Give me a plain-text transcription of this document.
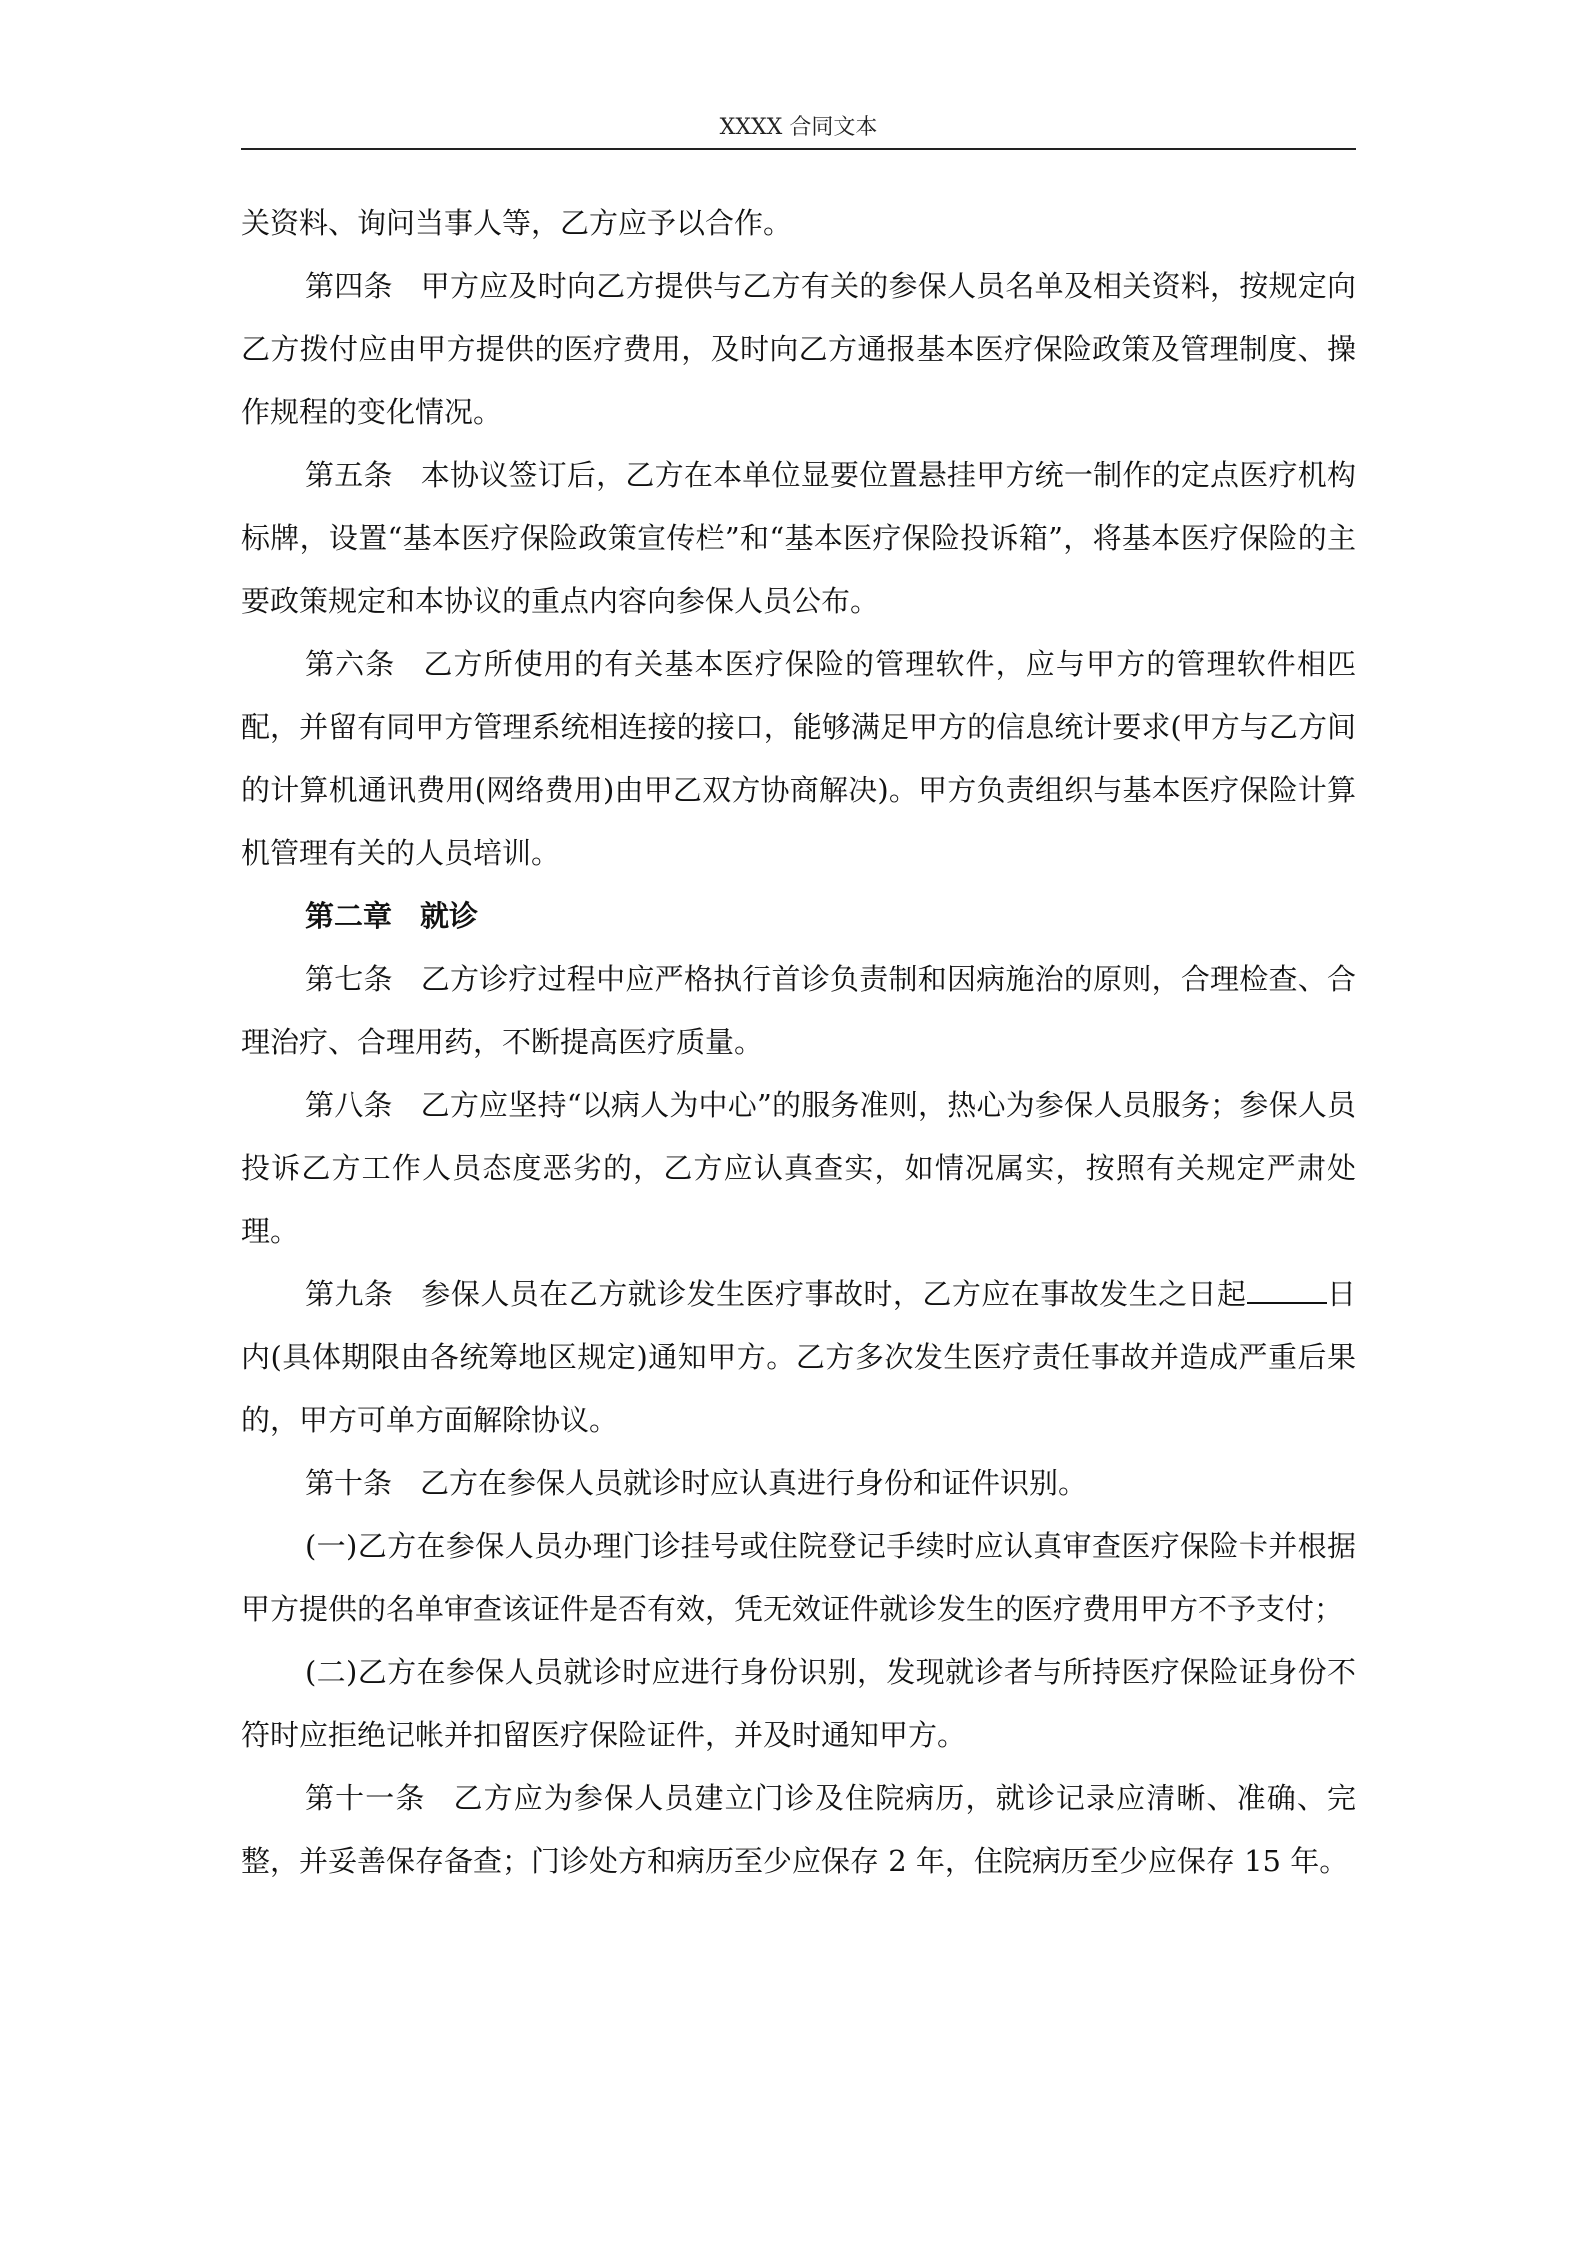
XXXX 合同文本

关资料、询问当事人等，乙方应予以合作。

第四条 甲方应及时向乙方提供与乙方有关的参保人员名单及相关资料，按规定向乙方拨付应由甲方提供的医疗费用，及时向乙方通报基本医疗保险政策及管理制度、操作规程的变化情况。

第五条 本协议签订后，乙方在本单位显要位置悬挂甲方统一制作的定点医疗机构标牌，设置“基本医疗保险政策宣传栏”和“基本医疗保险投诉箱”，将基本医疗保险的主要政策规定和本协议的重点内容向参保人员公布。

第六条 乙方所使用的有关基本医疗保险的管理软件，应与甲方的管理软件相匹配，并留有同甲方管理系统相连接的接口，能够满足甲方的信息统计要求(甲方与乙方间的计算机通讯费用(网络费用)由甲乙双方协商解决)。甲方负责组织与基本医疗保险计算机管理有关的人员培训。

第二章 就诊

第七条 乙方诊疗过程中应严格执行首诊负责制和因病施治的原则，合理检查、合理治疗、合理用药，不断提高医疗质量。

第八条 乙方应坚持“以病人为中心”的服务准则，热心为参保人员服务；参保人员投诉乙方工作人员态度恶劣的，乙方应认真查实，如情况属实，按照有关规定严肃处理。

第九条 参保人员在乙方就诊发生医疗事故时，乙方应在事故发生之日起	日内(具体期限由各统筹地区规定)通知甲方。乙方多次发生医疗责任事故并造成严重后果的，甲方可单方面解除协议。

第十条 乙方在参保人员就诊时应认真进行身份和证件识别。

(一)乙方在参保人员办理门诊挂号或住院登记手续时应认真审查医疗保险卡并根据甲方提供的名单审查该证件是否有效，凭无效证件就诊发生的医疗费用甲方不予支付；

(二)乙方在参保人员就诊时应进行身份识别，发现就诊者与所持医疗保险证身份不符时应拒绝记帐并扣留医疗保险证件，并及时通知甲方。

第十一条 乙方应为参保人员建立门诊及住院病历，就诊记录应清晰、准确、完整，并妥善保存备查；门诊处方和病历至少应保存 2 年，住院病历至少应保存 15 年。
